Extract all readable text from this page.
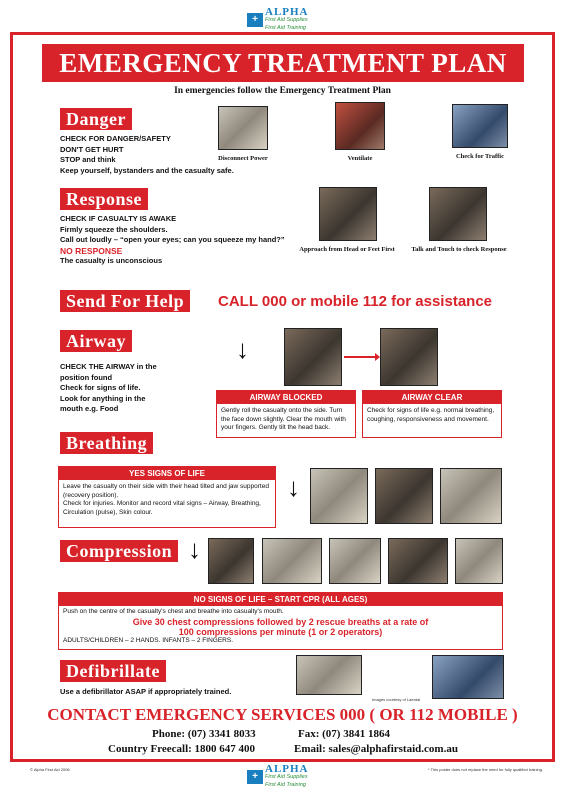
+
ALPHA
First Aid Supplies
First Aid Training
EMERGENCY TREATMENT PLAN
In emergencies follow the Emergency Treatment Plan
Danger
CHECK FOR DANGER/SAFETY
DON'T GET HURT
STOP and think
Keep yourself, bystanders and the casualty safe.
Disconnect Power	Ventilate	Check for Traffic
Response
CHECK IF CASUALTY IS AWAKE
Firmly squeeze the shoulders.
Call out loudly – “open your eyes; can you squeeze my hand?”
NO RESPONSE
The casualty is unconscious
Approach from Head or Feet First	Talk and Touch to check Response
Send For Help	CALL 000 or mobile 112 for assistance
Airway
CHECK THE AIRWAY in the
position found
Check for signs of life.
Look for anything in the
mouth e.g. Food
↓
AIRWAY BLOCKED
Gently roll the casualty onto the side. Turn the face down slightly. Clear the mouth with your fingers. Gently tilt the head back.
AIRWAY CLEAR
Check for signs of life e.g. normal breathing, coughing, responsiveness and movement.
Breathing
YES SIGNS OF LIFE
Leave the casualty on their side with their head tilted and jaw supported (recovery position).
Check for injuries. Monitor and record vital signs – Airway, Breathing, Circulation (pulse), Skin colour.
↓
Compression ↓
NO SIGNS OF LIFE – START CPR (ALL AGES)
Push on the centre of the casualty's chest and breathe into casualty's mouth.
Give 30 chest compressions followed by 2 rescue breaths at a rate of
100 compressions per minute (1 or 2 operators)
ADULTS/CHILDREN – 2 HANDS. INFANTS – 2 FINGERS.
Defibrillate
Use a defibrillator ASAP if appropriately trained.
Images courtesy of Laerdal
CONTACT EMERGENCY SERVICES 000 ( OR 112 MOBILE )
Phone: (07) 3341 8033	Fax: (07) 3841 1864
Country Freecall: 1800 647 400	Email: sales@alphafirstaid.com.au
© Alpha First Aid 2006	* This poster does not replace the need for fully qualified training.
+
ALPHA
First Aid Supplies
First Aid Training
